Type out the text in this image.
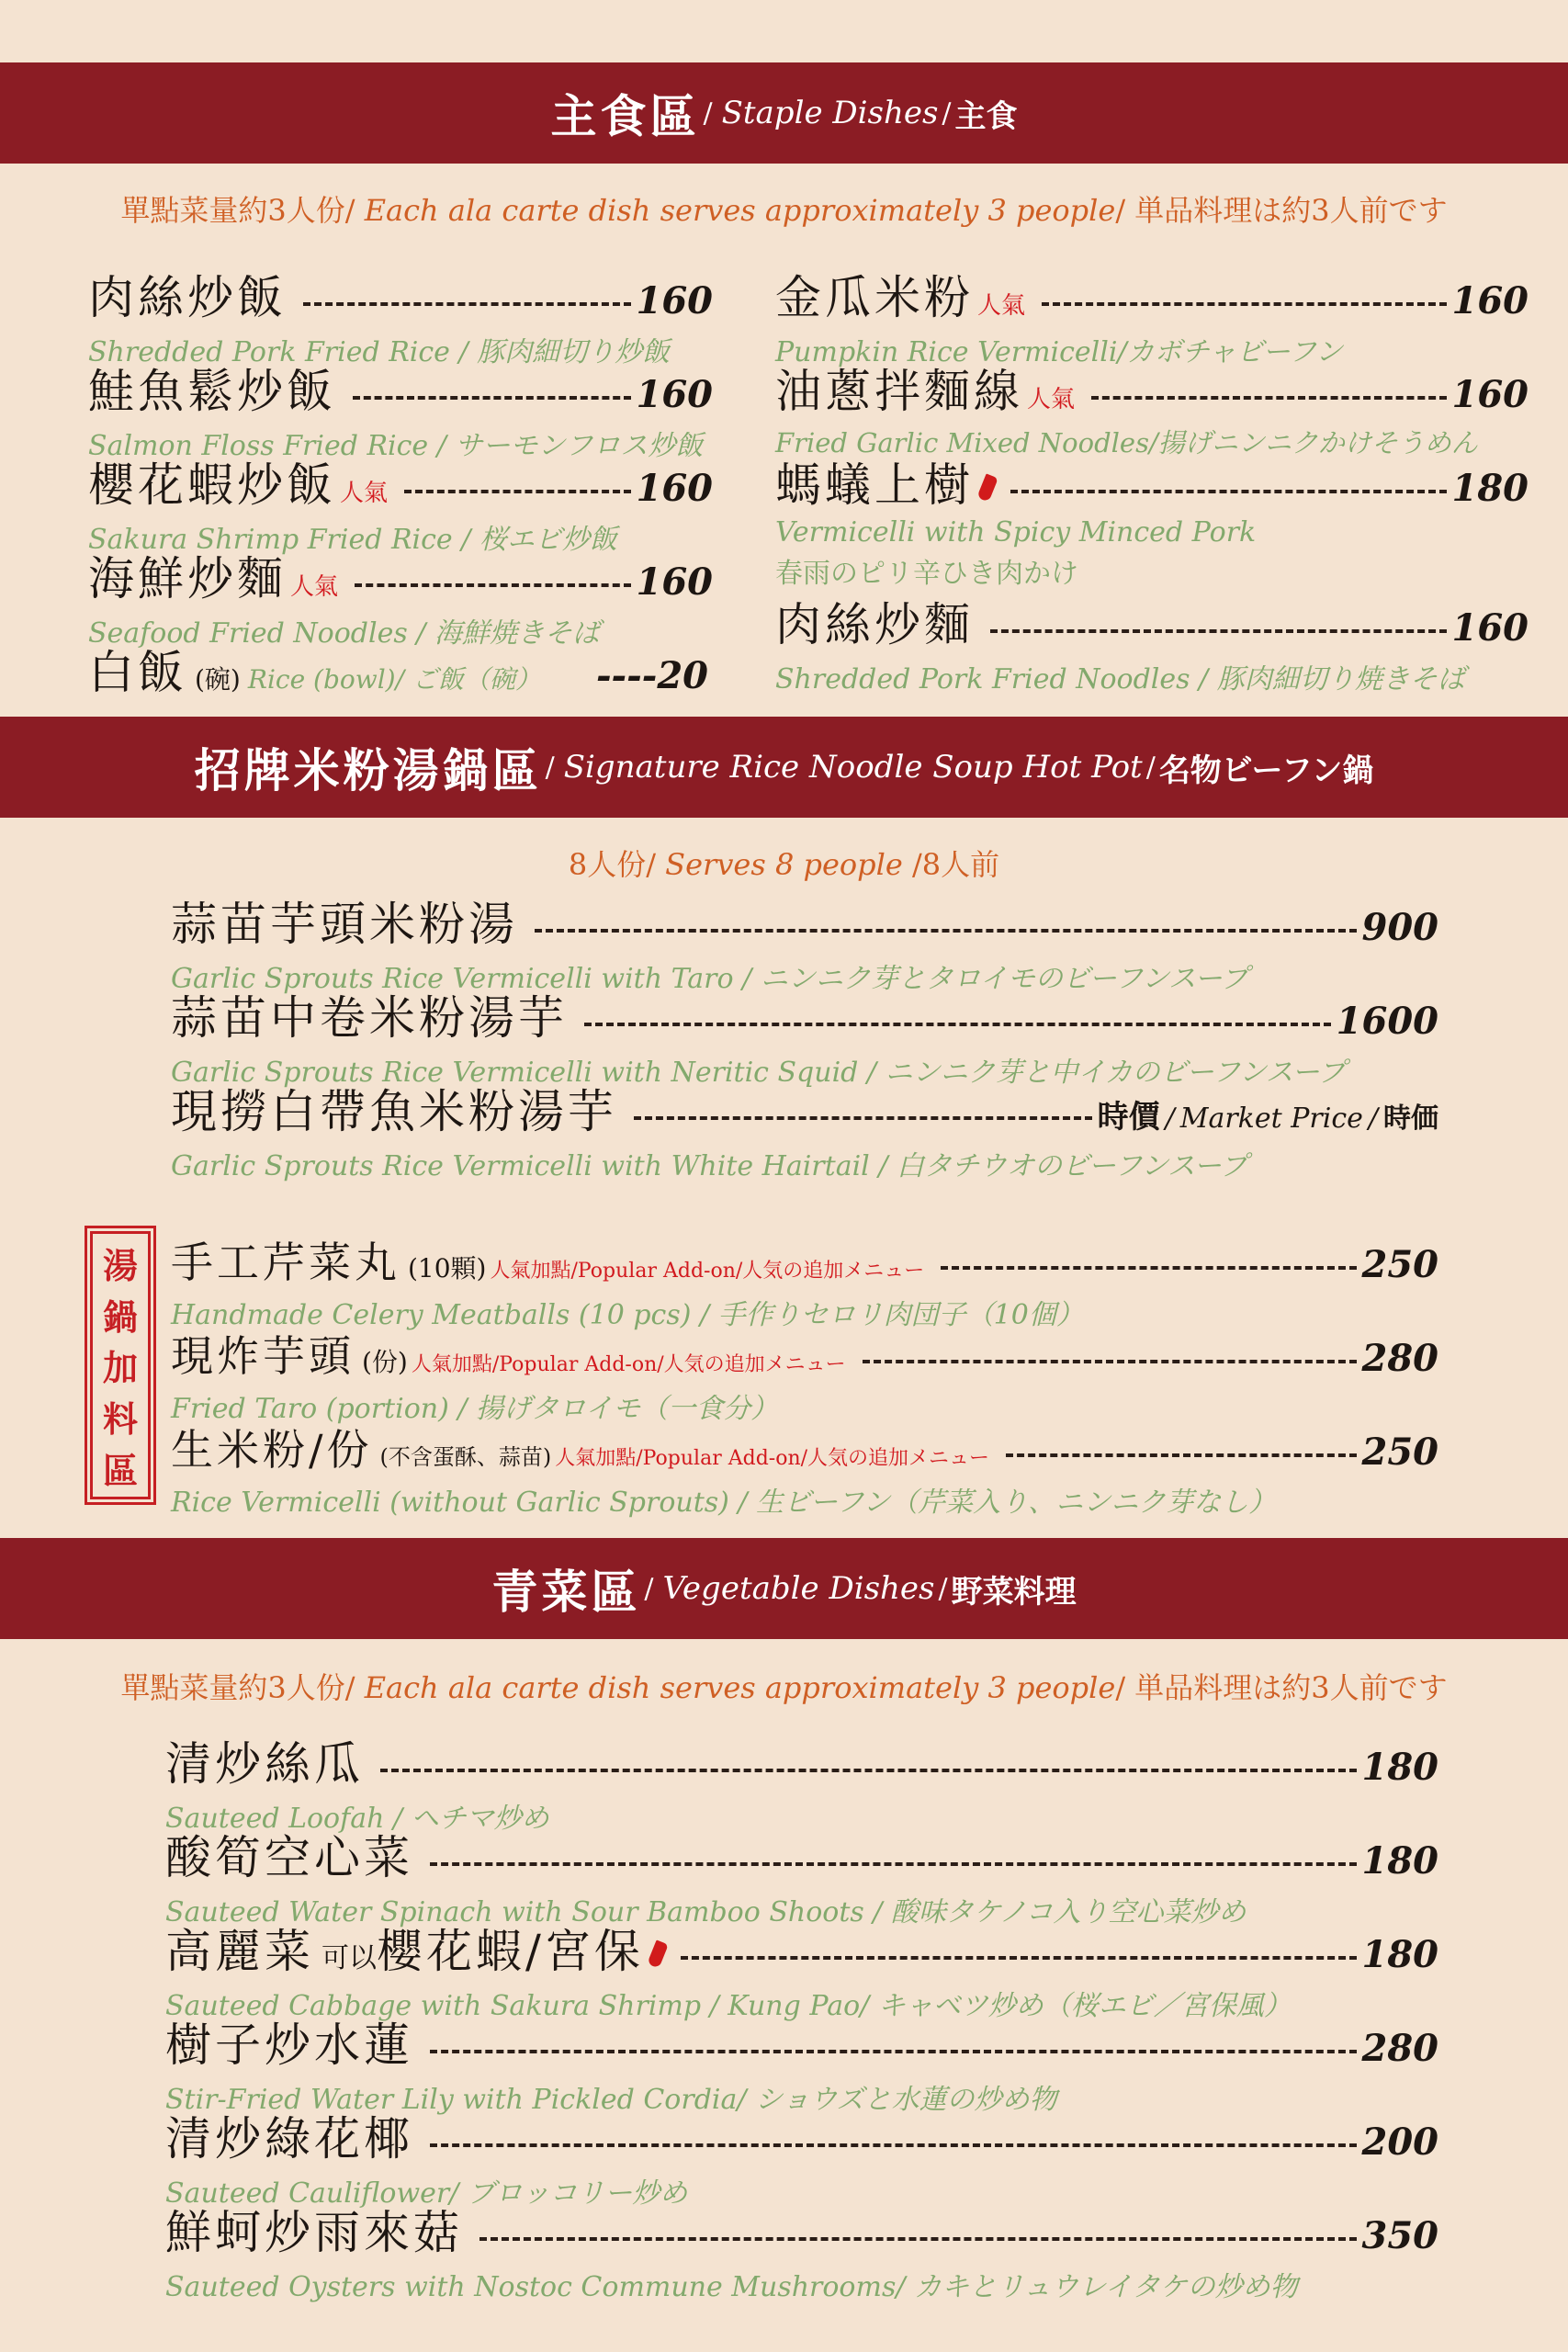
主食區 / Staple Dishes / 主食
單點菜量約3人份/ Each ala carte dish serves approximately 3 people/ 単品料理は約3人前です
肉絲炒飯	160
Shredded Pork Fried Rice / 豚肉細切り炒飯
鮭魚鬆炒飯	160
Salmon Floss Fried Rice / サーモンフロス炒飯
櫻花蝦炒飯 人氣	160
Sakura Shrimp Fried Rice / 桜エビ炒飯
海鮮炒麵 人氣	160
Seafood Fried Noodles / 海鮮焼きそば
白飯 (碗) Rice (bowl)/ ご飯（碗） ---- 20
金瓜米粉 人氣	160
Pumpkin Rice Vermicelli/カボチャビーフン
油蔥拌麵線 人氣	160
Fried Garlic Mixed Noodles/揚げニンニクかけそうめん
螞蟻上樹	180
Vermicelli with Spicy Minced Pork
春雨のピリ辛ひき肉かけ
肉絲炒麵	160
Shredded Pork Fried Noodles / 豚肉細切り焼きそば
招牌米粉湯鍋區 / Signature Rice Noodle Soup Hot Pot / 名物ビーフン鍋
8人份/ Serves 8 people /8人前
蒜苗芋頭米粉湯	900
Garlic Sprouts Rice Vermicelli with Taro / ニンニク芽とタロイモのビーフンスープ
蒜苗中卷米粉湯芋	1600
Garlic Sprouts Rice Vermicelli with Neritic Squid / ニンニク芽と中イカのビーフンスープ
現撈白帶魚米粉湯芋	時價 / Market Price / 時価
Garlic Sprouts Rice Vermicelli with White Hairtail / 白タチウオのビーフンスープ
湯
鍋
加
料
區
手工芹菜丸 (10顆) 人氣加點/Popular Add-on/人気の追加メニュー	250
Handmade Celery Meatballs (10 pcs) / 手作りセロリ肉団子（10個）
現炸芋頭 (份) 人氣加點/Popular Add-on/人気の追加メニュー	280
Fried Taro (portion) / 揚げタロイモ（一食分）
生米粉/份 (不含蛋酥、蒜苗) 人氣加點/Popular Add-on/人気の追加メニュー	250
Rice Vermicelli (without Garlic Sprouts) / 生ビーフン（芹菜入り、ニンニク芽なし）
青菜區 / Vegetable Dishes / 野菜料理
單點菜量約3人份/ Each ala carte dish serves approximately 3 people/ 単品料理は約3人前です
清炒絲瓜	180
Sauteed Loofah / ヘチマ炒め
酸筍空心菜	180
Sauteed Water Spinach with Sour Bamboo Shoots / 酸味タケノコ入り空心菜炒め
高麗菜 可以 櫻花蝦/宮保	180
Sauteed Cabbage with Sakura Shrimp / Kung Pao/ キャベツ炒め（桜エビ／宮保風）
樹子炒水蓮	280
Stir-Fried Water Lily with Pickled Cordia/ ショウズと水蓮の炒め物
清炒綠花椰	200
Sauteed Cauliflower/ ブロッコリー炒め
鮮蚵炒雨來菇	350
Sauteed Oysters with Nostoc Commune Mushrooms/ カキとリュウレイタケの炒め物
